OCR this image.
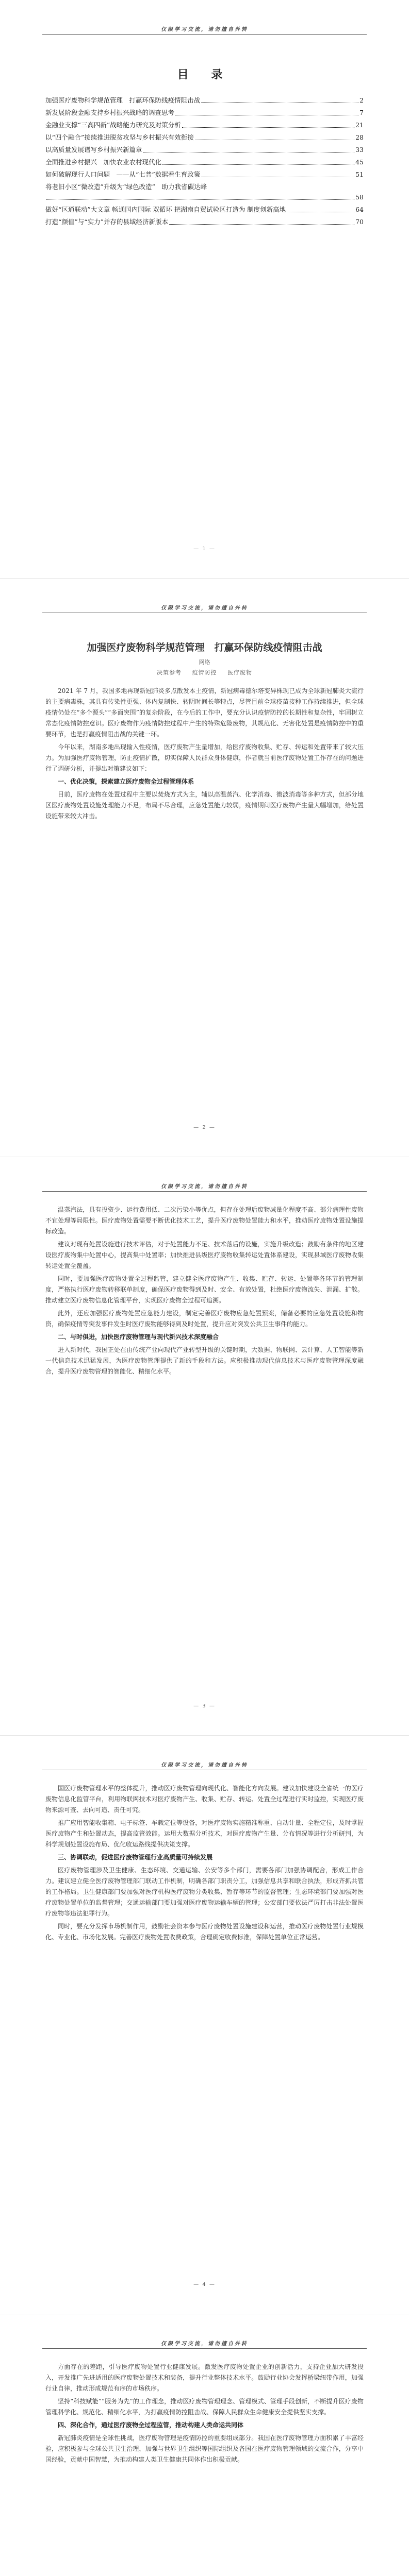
仅限学习交流，请勿擅自外转
目 录
加强医疗废物科学规范管理　打赢环保防线疫情阻击战	2
新发展阶段金融支持乡村振兴战略的调查思考	7
金融业支撑“三高四新”战略能力研究及对策分析	21
以“四个融合”接续推进脱贫攻坚与乡村振兴有效衔接	28
以高质量发展谱写乡村振兴新篇章	33
全面推进乡村振兴　加快农业农村现代化	45
如何破解现行人口问题　——从“七普”数据看生育政策	51
将老旧小区“微改造”升级为“绿色改造”　助力我省碳达峰
58
做好“区通联动”大文章 畅通国内国际 双循环 把湖南自贸试验区打造为 制度创新高地	64
打造“颜值”与“实力”并存的县域经济新版本	70
— 1 —
仅限学习交流，请勿擅自外转
加强医疗废物科学规范管理　打赢环保防线疫情阻击战
网络
决策参考 疫情防控 医疗废物

2021 年 7 月，我国多地再现新冠肺炎多点散发本土疫情，新冠病毒德尔塔变异株现已成为全球新冠肺炎大流行的主要病毒株，其具有传染性更强、体内复制快、转阴时间长等特点，尽管目前全球疫苗接种工作持续推进，但全球疫情仍处在“多个源头”“多面突围”的复杂阶段，在今后的工作中，要充分认识疫情防控的长期性和复杂性，牢固树立常态化疫情防控意识。医疗废物作为疫情防控过程中产生的特殊危险废物，其规范化、无害化处置是疫情防控中的重要环节，也是打赢疫情阻击战的关键一环。

今年以来，湖南多地出现输入性疫情，医疗废物产生量增加，给医疗废物收集、贮存、转运和处置带来了较大压力。为加强医疗废物管理，防止疫情扩散，切实保障人民群众身体健康，作者就当前医疗废物处置工作存在的问题进行了调研分析，并提出对策建议如下：

一、优化决策，探索建立医疗废物全过程管理体系

目前，医疗废物在处置过程中主要以焚烧方式为主，辅以高温蒸汽、化学消毒、微波消毒等多种方式，但部分地区医疗废物处置设施处理能力不足，布局不尽合理，应急处置能力较弱，疫情期间医疗废物产生量大幅增加，给处置设施带来较大冲击。

— 2 —
仅限学习交流，请勿擅自外转

温蒸汽法，具有投资少、运行费用低、二次污染小等优点，但存在处理后废物减量化程度不高、部分病理性废物不宜处理等局限性。医疗废物处置需要不断优化技术工艺，提升医疗废物处置能力和水平，推动医疗废物处置设施提标改造。

建议对现有处置设施进行技术评估，对于处置能力不足、技术落后的设施，实施升级改造；鼓励有条件的地区建设医疗废物集中处置中心，提高集中处置率；加快推进县级医疗废物收集转运处置体系建设，实现县域医疗废物收集转运处置全覆盖。

同时，要加强医疗废物处置全过程监管，建立健全医疗废物产生、收集、贮存、转运、处置等各环节的管理制度，严格执行医疗废物转移联单制度，确保医疗废物得到及时、安全、有效处置，杜绝医疗废物流失、泄漏、扩散。推动建立医疗废物信息化管理平台，实现医疗废物全过程可追溯。

此外，还应加强医疗废物处置应急能力建设，制定完善医疗废物应急处置预案，储备必要的应急处置设施和物资，确保疫情等突发事件发生时医疗废物能够得到及时处置，提升应对突发公共卫生事件的能力。

二、与时俱进，加快医疗废物管理与现代新兴技术深度融合

进入新时代，我国正处在由传统产业向现代产业转型升级的关键时期，大数据、物联网、云计算、人工智能等新一代信息技术迅猛发展，为医疗废物管理提供了新的手段和方法。应积极推动现代信息技术与医疗废物管理深度融合，提升医疗废物管理的智能化、精细化水平。

— 3 —
仅限学习交流，请勿擅自外转

国医疗废物管理水平的整体提升，推动医疗废物管理向现代化、智能化方向发展。建议加快建设全省统一的医疗废物信息化监管平台，利用物联网技术对医疗废物产生、收集、贮存、转运、处置全过程进行实时监控，实现医疗废物来源可查、去向可追、责任可究。

推广应用智能收集箱、电子标签、车载定位等设备，对医疗废物实施精准称重、自动计量、全程定位，及时掌握医疗废物产生和处置动态，提高监管效能。运用大数据分析技术，对医疗废物产生量、分布情况等进行分析研判，为科学规划处置设施布局、优化收运路线提供决策支撑。

三、协调联动，促进医疗废物管理行业高质量可持续发展

医疗废物管理涉及卫生健康、生态环境、交通运输、公安等多个部门，需要各部门加强协调配合，形成工作合力。建议建立健全医疗废物管理部门联动工作机制，明确各部门职责分工，加强信息共享和联合执法，形成齐抓共管的工作格局。卫生健康部门要加强对医疗机构医疗废物分类收集、暂存等环节的监督管理；生态环境部门要加强对医疗废物处置单位的监督管理；交通运输部门要加强对医疗废物运输车辆的管理；公安部门要依法严厉打击非法处置医疗废物等违法犯罪行为。

同时，要充分发挥市场机制作用，鼓励社会资本参与医疗废物处置设施建设和运营，推动医疗废物处置行业规模化、专业化、市场化发展。完善医疗废物处置收费政策，合理确定收费标准，保障处置单位正常运营。

— 4 —
仅限学习交流，请勿擅自外转

方面存在的差距，引导医疗废物处置行业健康发展。激发医疗废物处置企业的创新活力，支持企业加大研发投入，开发推广先进适用的医疗废物处置技术和装备，提升行业整体技术水平。鼓励行业协会发挥桥梁纽带作用，加强行业自律，推动形成规范有序的市场秩序。

坚持“科技赋能”“服务为先”的工作理念，推动医疗废物管理理念、管理模式、管理手段创新，不断提升医疗废物管理科学化、规范化、精细化水平，为打赢疫情防控阻击战、保障人民群众生命健康安全提供坚实支撑。

四、深化合作，通过医疗废物全过程监管，推动构建人类命运共同体

新冠肺炎疫情是全球性挑战，医疗废物管理是疫情防控的重要组成部分。我国在医疗废物管理方面积累了丰富经验，应积极参与全球公共卫生治理，加强与世界卫生组织等国际组织及各国在医疗废物管理领域的交流合作，分享中国经验，贡献中国智慧，为推动构建人类卫生健康共同体作出积极贡献。
